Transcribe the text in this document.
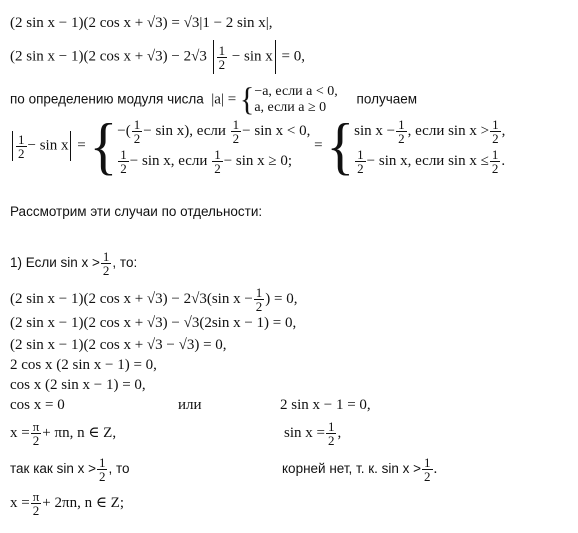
(2 sin x − 1)(2 cos x + √3) = √3|1 − 2 sin x|,
(2 sin x − 1)(2 $\cos x + √3) - 2√3 \frac{1}{2} - \sin x = 0$,
по определению модуля числа |a| = { −a, если a < 0,
a, если a ≥ 0
получаем
$\frac{1}{2} - \sin x$ = { −( $\frac{1}{2} - \sin x$), если $\frac{1}{2} - \sin x < 0$,
$\frac{1}{2} - \sin x$, если $\frac{1}{2} - \sin x \ge 0$;
= { $\sin x - \frac{1}{2}$ , если $\sin x > \frac{1}{2}$ ,
$\frac{1}{2} - \sin x$, если $\sin x \le \frac{1}{2}$ .
Рассмотрим эти случаи по отдельности:
1) Если $\sin x > \frac{1}{2}$ , то:
(2 sin x − 1)(2 cos x + √3) − 2√3(sin $x - \frac{1}{2}$ ) = 0,
(2 sin x − 1)(2 cos x + √3) − √3(2sin x − 1) = 0,
(2 sin x − 1)(2 cos x + √3 − √3) = 0,
2 cos x (2 sin x − 1) = 0,
cos x (2 sin x − 1) = 0,
cos x = 0	или	2 sin x − 1 = 0,
$x = \frac{\pi}{2} + \pi n$, n ∈ Z,	$\sin x = \frac{1}{2}$ ,
так как $\sin x > \frac{1}{2}$ , то	корней нет, т. к. $\sin x > \frac{1}{2}$ .
$x = \frac{\pi}{2} + 2\pi n$, n ∈ Z;
